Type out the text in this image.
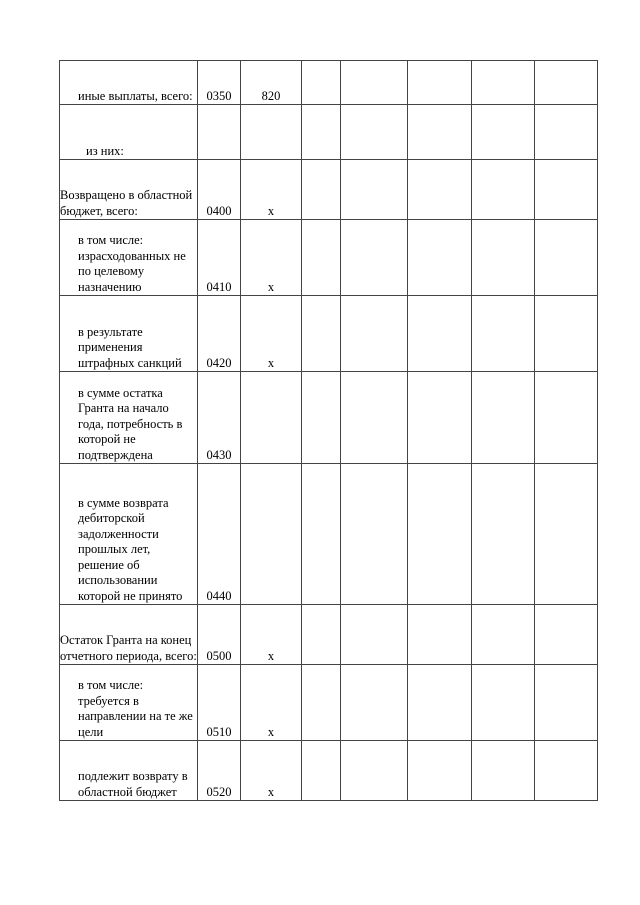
иные выплаты, всего:	0350	820					
из них:							
Возвращено в областной бюджет, всего:	0400	x					
в том числе: израсходованных не по целевому назначению	0410	x					
в результате применения штрафных санкций	0420	x					
в сумме остатка Гранта на начало года, потребность в которой не подтверждена	0430						
в сумме возврата дебиторской задолженности прошлых лет, решение об использовании которой не принято	0440						
Остаток Гранта на конец отчетного периода, всего:	0500	x					
в том числе: требуется в направлении на те же цели	0510	x					
подлежит возврату в областной бюджет	0520	x					
